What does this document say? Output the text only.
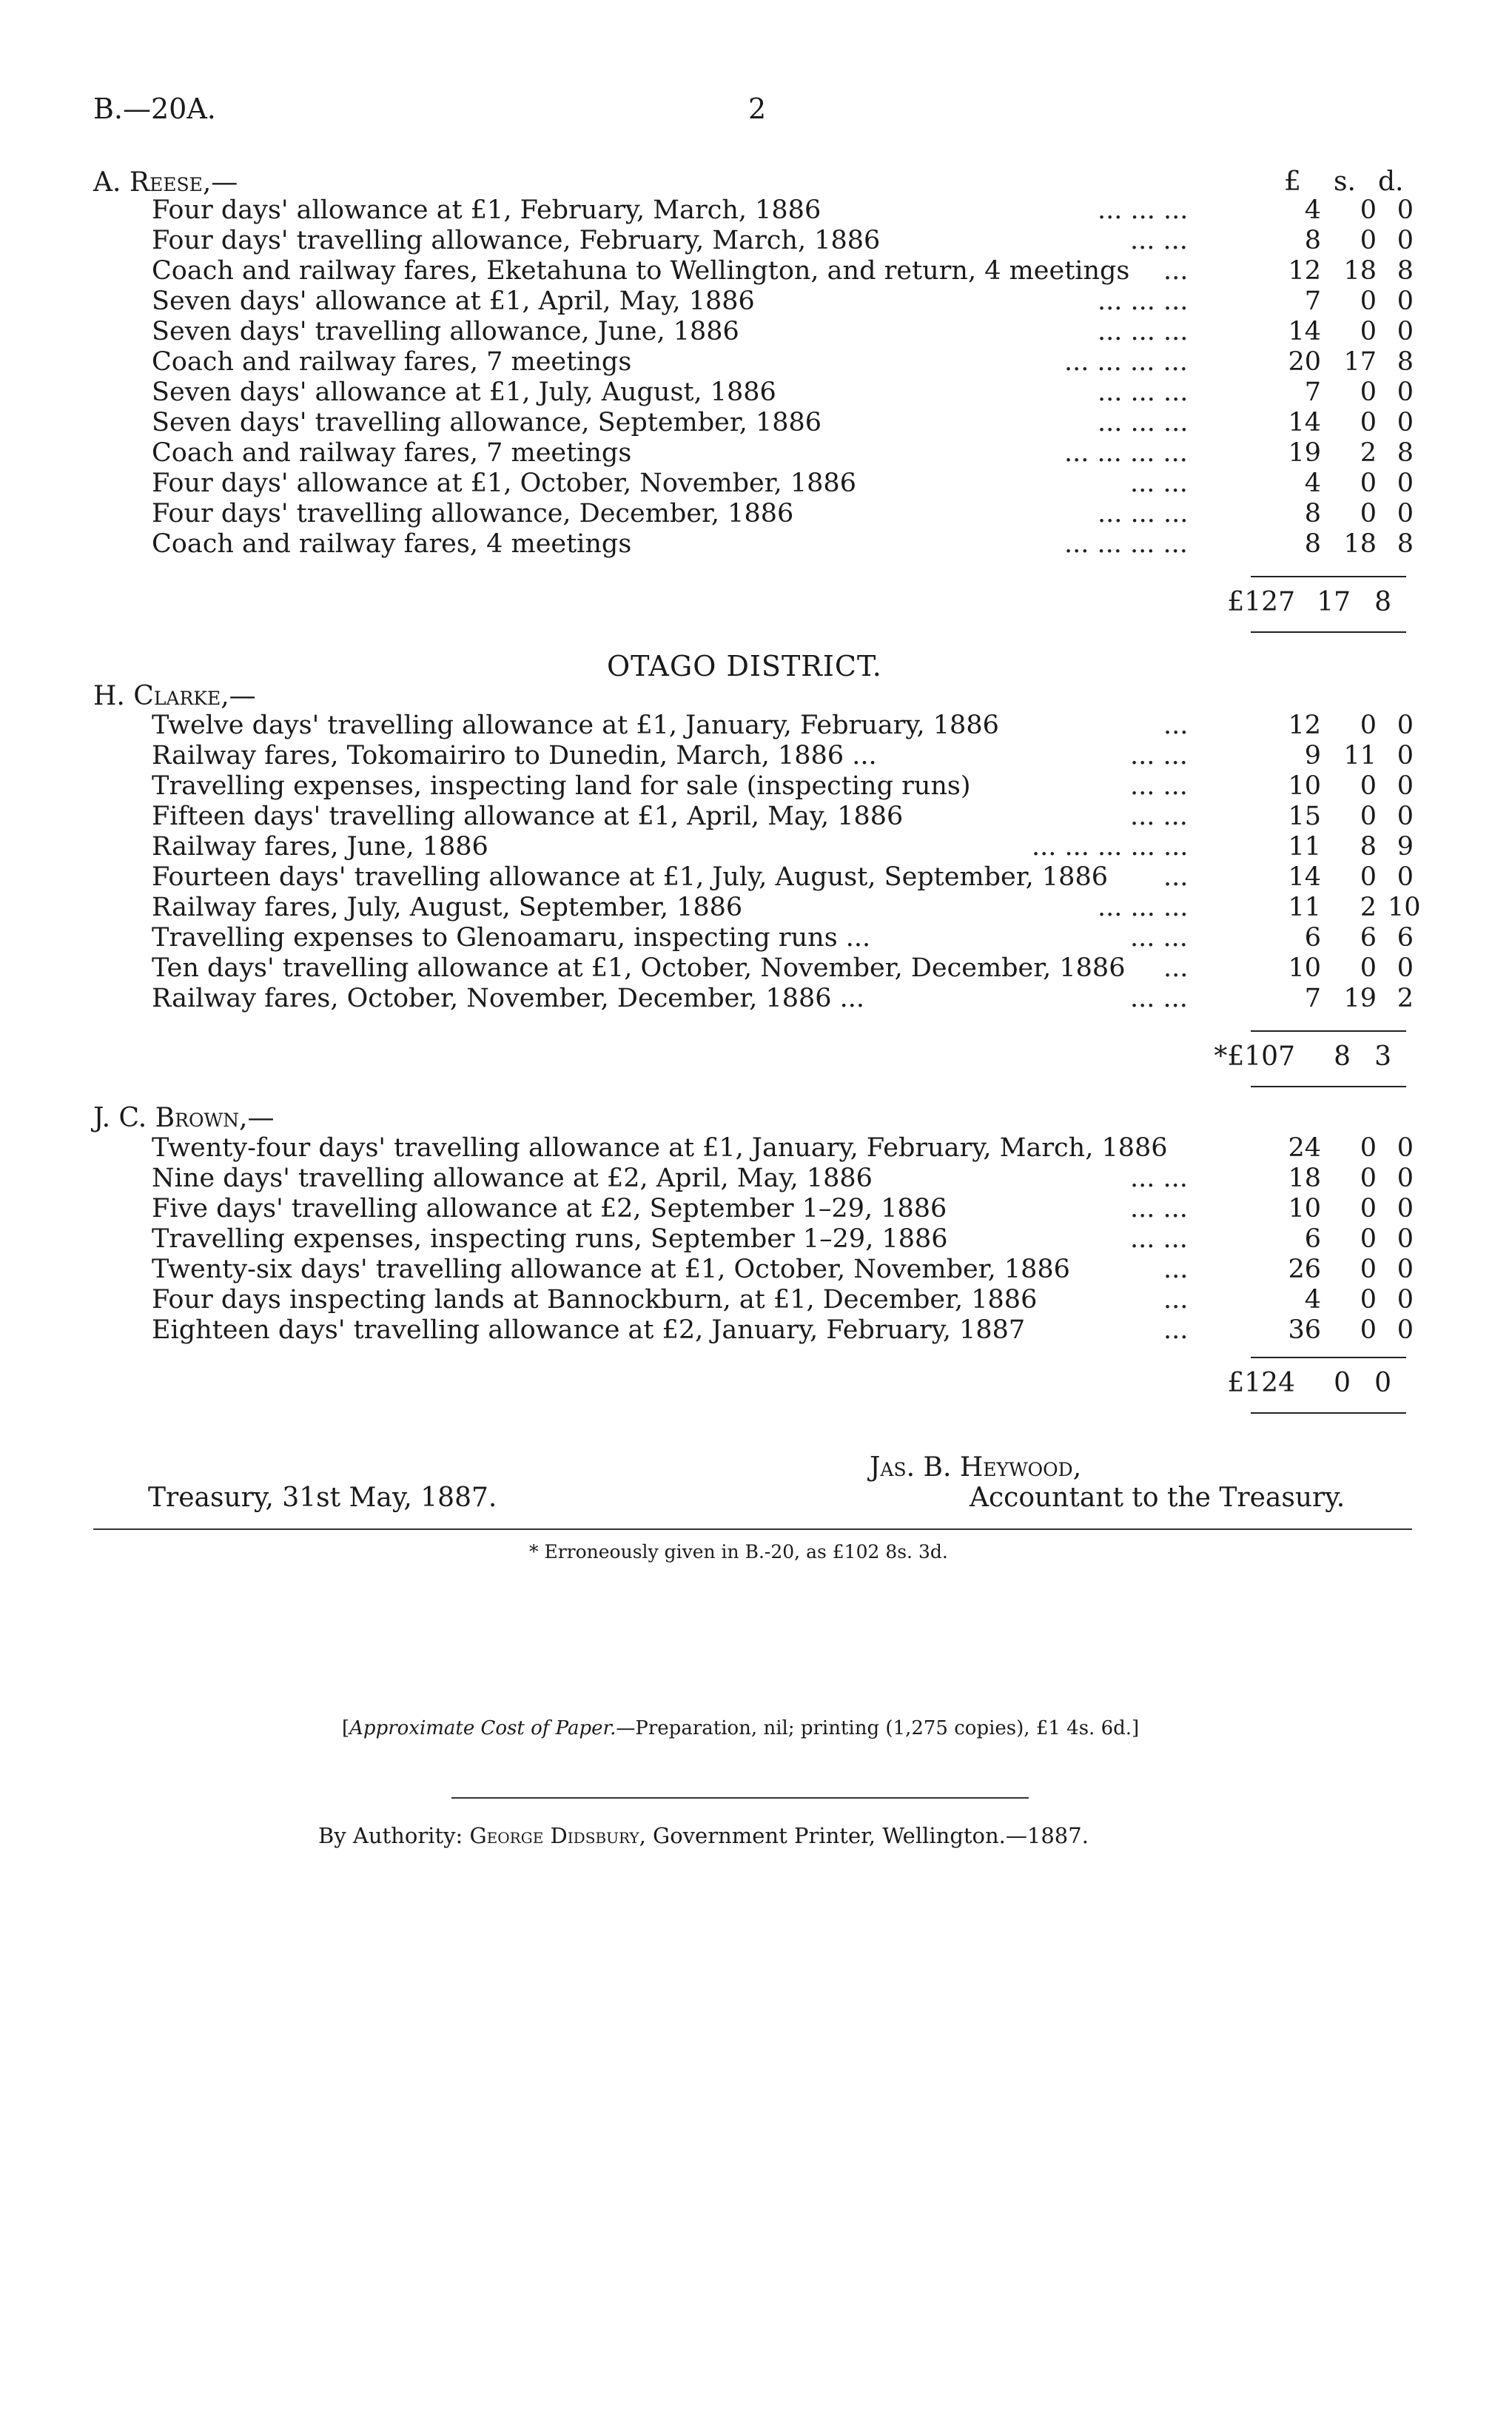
B.—20A.	2
£ s. d.
A. Reese,—
Four days' allowance at £1, February, March, 1886	... ... ...	4	0 0
Four days' travelling allowance, February, March, 1886	... ...	8	0 0
Coach and railway fares, Eketahuna to Wellington, and return, 4 meetings ...	12 18 8
Seven days' allowance at £1, April, May, 1886	... ... ...	7	0 0
Seven days' travelling allowance, June, 1886	... ... ...	14	0 0
Coach and railway fares, 7 meetings	... ... ... ...	20 17 8
Seven days' allowance at £1, July, August, 1886	... ... ...	7	0 0
Seven days' travelling allowance, September, 1886	... ... ...	14	0 0
Coach and railway fares, 7 meetings	... ... ... ...	19	2 8
Four days' allowance at £1, October, November, 1886	... ...	4	0 0
Four days' travelling allowance, December, 1886	... ... ...	8	0 0
Coach and railway fares, 4 meetings	... ... ... ...	8 18 8
£127 17 8
OTAGO DISTRICT.
H. Clarke,—
Twelve days' travelling allowance at £1, January, February, 1886	...	12	0 0
Railway fares, Tokomairiro to Dunedin, March, 1886 ...	... ...	9 11 0
Travelling expenses, inspecting land for sale (inspecting runs)	... ...	10	0 0
Fifteen days' travelling allowance at £1, April, May, 1886	... ...	15	0 0
Railway fares, June, 1886	... ... ... ... ...	11	8 9
Fourteen days' travelling allowance at £1, July, August, September, 1886 ...	14	0 0
Railway fares, July, August, September, 1886	... ... ...	11	2 10
Travelling expenses to Glenoamaru, inspecting runs ...	... ...	6	6 6
Ten days' travelling allowance at £1, October, November, December, 1886 ...	10	0 0
Railway fares, October, November, December, 1886 ...	... ...	7 19 2
*£107	8 3
J. C. Brown,—
Twenty-four days' travelling allowance at £1, January, February, March, 1886	24	0 0
Nine days' travelling allowance at £2, April, May, 1886	... ...	18	0 0
Five days' travelling allowance at £2, September 1–29, 1886	... ...	10	0 0
Travelling expenses, inspecting runs, September 1–29, 1886	... ...	6	0 0
Twenty-six days' travelling allowance at £1, October, November, 1886	...	26	0 0
Four days inspecting lands at Bannockburn, at £1, December, 1886	...	4	0 0
Eighteen days' travelling allowance at £2, January, February, 1887	...	36	0 0
£124	0 0
Jas. B. Heywood,
Treasury, 31st May, 1887.	Accountant to the Treasury.
* Erroneously given in B.-20, as £102 8s. 3d.
[Approximate Cost of Paper.—Preparation, nil; printing (1,275 copies), £1 4s. 6d.]
By Authority: George Didsbury, Government Printer, Wellington.—1887.
